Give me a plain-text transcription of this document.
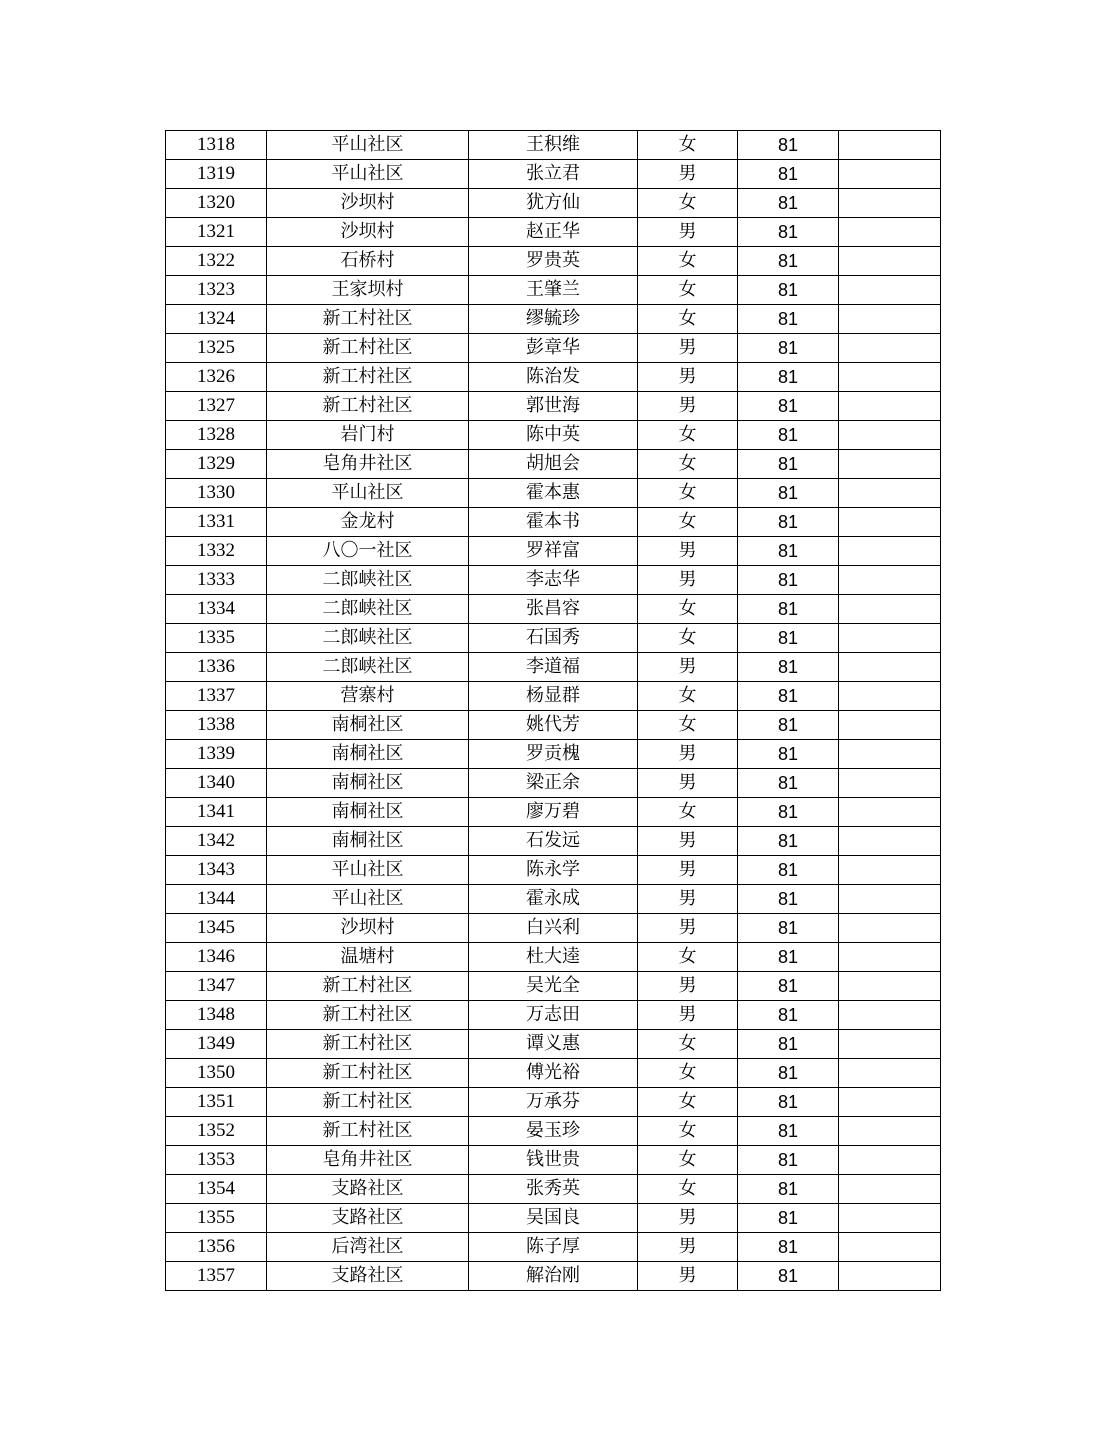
1318	平山社区	王积维	女	81	
1319	平山社区	张立君	男	81	
1320	沙坝村	犹方仙	女	81	
1321	沙坝村	赵正华	男	81	
1322	石桥村	罗贵英	女	81	
1323	王家坝村	王肇兰	女	81	
1324	新工村社区	缪毓珍	女	81	
1325	新工村社区	彭章华	男	81	
1326	新工村社区	陈治发	男	81	
1327	新工村社区	郭世海	男	81	
1328	岩门村	陈中英	女	81	
1329	皂角井社区	胡旭会	女	81	
1330	平山社区	霍本惠	女	81	
1331	金龙村	霍本书	女	81	
1332	八〇一社区	罗祥富	男	81	
1333	二郎峡社区	李志华	男	81	
1334	二郎峡社区	张昌容	女	81	
1335	二郎峡社区	石国秀	女	81	
1336	二郎峡社区	李道福	男	81	
1337	营寨村	杨显群	女	81	
1338	南桐社区	姚代芳	女	81	
1339	南桐社区	罗贡槐	男	81	
1340	南桐社区	梁正余	男	81	
1341	南桐社区	廖万碧	女	81	
1342	南桐社区	石发远	男	81	
1343	平山社区	陈永学	男	81	
1344	平山社区	霍永成	男	81	
1345	沙坝村	白兴利	男	81	
1346	温塘村	杜大逵	女	81	
1347	新工村社区	吴光全	男	81	
1348	新工村社区	万志田	男	81	
1349	新工村社区	谭义惠	女	81	
1350	新工村社区	傅光裕	女	81	
1351	新工村社区	万承芬	女	81	
1352	新工村社区	晏玉珍	女	81	
1353	皂角井社区	钱世贵	女	81	
1354	支路社区	张秀英	女	81	
1355	支路社区	吴国良	男	81	
1356	后湾社区	陈子厚	男	81	
1357	支路社区	解治刚	男	81	
